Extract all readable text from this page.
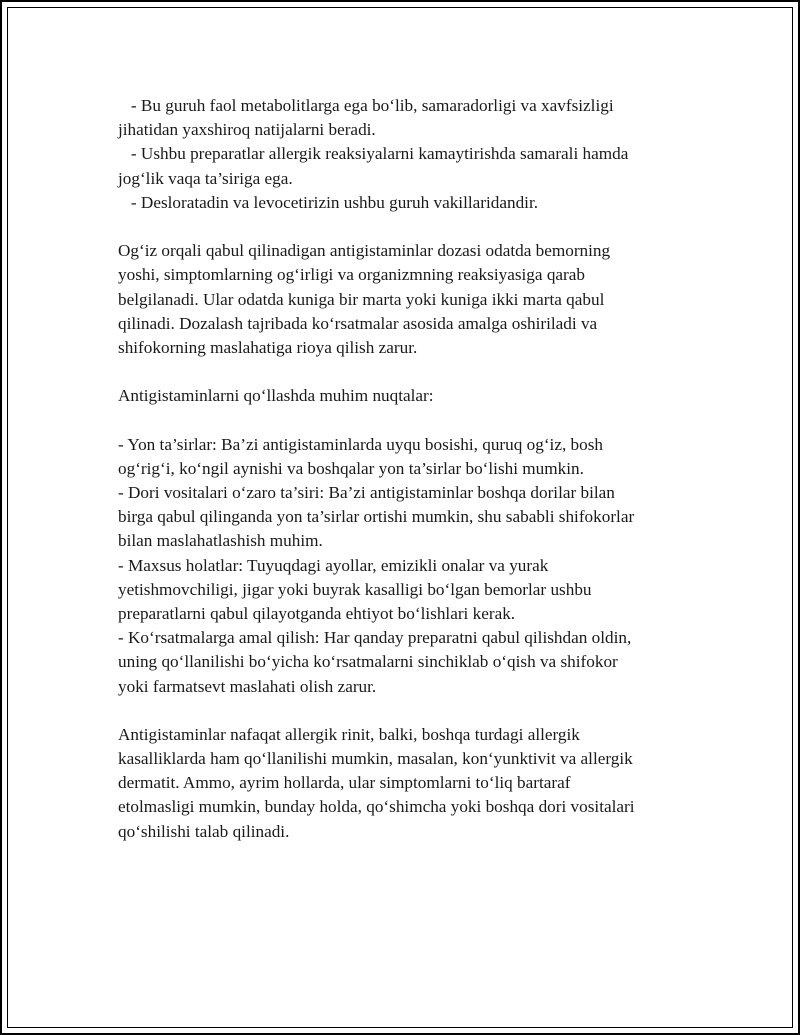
- Bu guruh faol metabolitlarga ega bo‘lib, samaradorligi va xavfsizligi
jihatidan yaxshiroq natijalarni beradi.
- Ushbu preparatlar allergik reaksiyalarni kamaytirishda samarali hamda
jog‘lik vaqa ta’siriga ega.
- Desloratadin va levocetirizin ushbu guruh vakillaridandir.
Og‘iz orqali qabul qilinadigan antigistaminlar dozasi odatda bemorning
yoshi, simptomlarning og‘irligi va organizmning reaksiyasiga qarab
belgilanadi. Ular odatda kuniga bir marta yoki kuniga ikki marta qabul
qilinadi. Dozalash tajribada ko‘rsatmalar asosida amalga oshiriladi va
shifokorning maslahatiga rioya qilish zarur.
Antigistaminlarni qo‘llashda muhim nuqtalar:
- Yon ta’sirlar: Ba’zi antigistaminlarda uyqu bosishi, quruq og‘iz, bosh
og‘rig‘i, ko‘ngil aynishi va boshqalar yon ta’sirlar bo‘lishi mumkin.
- Dori vositalari o‘zaro ta’siri: Ba’zi antigistaminlar boshqa dorilar bilan
birga qabul qilinganda yon ta’sirlar ortishi mumkin, shu sababli shifokorlar
bilan maslahatlashish muhim.
- Maxsus holatlar: Tuyuqdagi ayollar, emizikli onalar va yurak
yetishmovchiligi, jigar yoki buyrak kasalligi bo‘lgan bemorlar ushbu
preparatlarni qabul qilayotganda ehtiyot bo‘lishlari kerak.
- Ko‘rsatmalarga amal qilish: Har qanday preparatni qabul qilishdan oldin,
uning qo‘llanilishi bo‘yicha ko‘rsatmalarni sinchiklab o‘qish va shifokor
yoki farmatsevt maslahati olish zarur.
Antigistaminlar nafaqat allergik rinit, balki, boshqa turdagi allergik
kasalliklarda ham qo‘llanilishi mumkin, masalan, kon‘yunktivit va allergik
dermatit. Ammo, ayrim hollarda, ular simptomlarni to‘liq bartaraf
etolmasligi mumkin, bunday holda, qo‘shimcha yoki boshqa dori vositalari
qo‘shilishi talab qilinadi.
